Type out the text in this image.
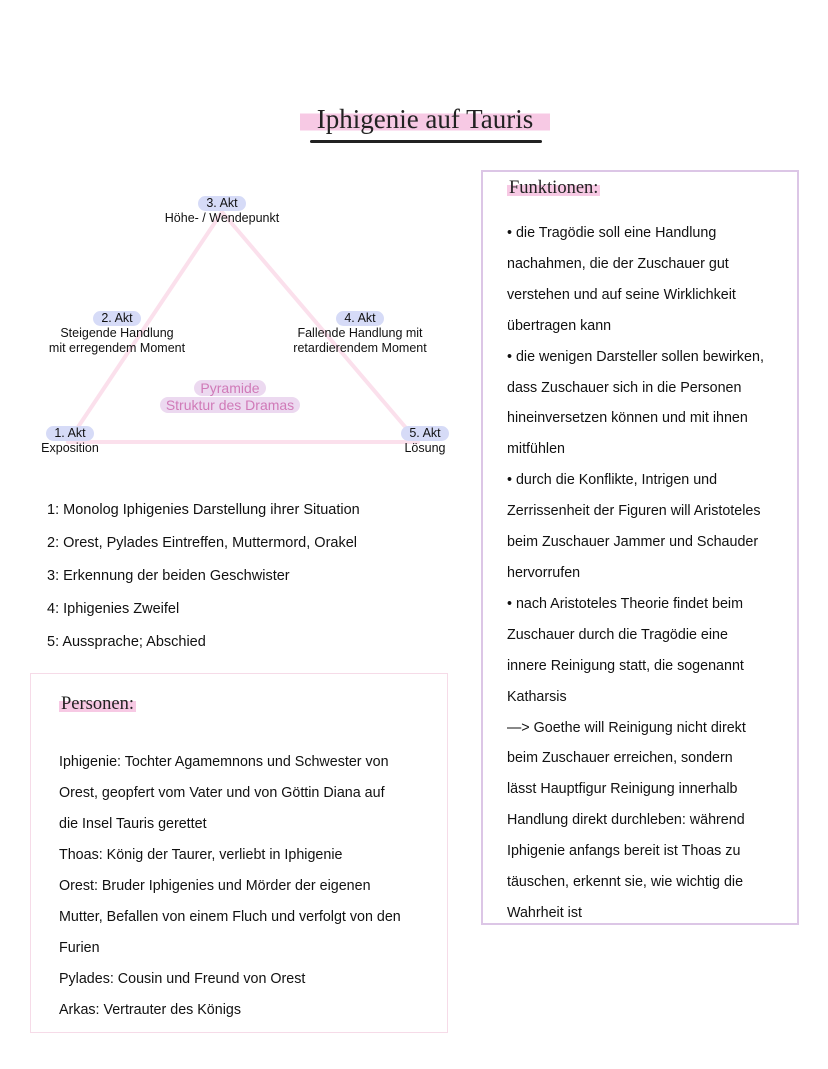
Iphigenie auf Tauris
3. Akt
Höhe- / Wendepunkt
2. Akt
Steigende Handlung
mit erregendem Moment
4. Akt
Fallende Handlung mit
retardierendem Moment
1. Akt
Exposition
5. Akt
Lösung
Pyramide
Struktur des Dramas
1: Monolog Iphigenies Darstellung ihrer Situation
2: Orest, Pylades Eintreffen, Muttermord, Orakel
3: Erkennung der beiden Geschwister
4: Iphigenies Zweifel
5: Aussprache; Abschied
Personen:

Iphigenie: Tochter Agamemnons und Schwester von

Orest, geopfert vom Vater und von Göttin Diana auf

die Insel Tauris gerettet

Thoas: König der Taurer, verliebt in Iphigenie

Orest: Bruder Iphigenies und Mörder der eigenen

Mutter, Befallen von einem Fluch und verfolgt von den

Furien

Pylades: Cousin und Freund von Orest

Arkas: Vertrauter des Königs

Funktionen:

• die Tragödie soll eine Handlung

nachahmen, die der Zuschauer gut

verstehen und auf seine Wirklichkeit

übertragen kann

• die wenigen Darsteller sollen bewirken,

dass Zuschauer sich in die Personen

hineinversetzen können und mit ihnen

mitfühlen

• durch die Konflikte, Intrigen und

Zerrissenheit der Figuren will Aristoteles

beim Zuschauer Jammer und Schauder

hervorrufen

• nach Aristoteles Theorie findet beim

Zuschauer durch die Tragödie eine

innere Reinigung statt, die sogenannt

Katharsis

—> Goethe will Reinigung nicht direkt

beim Zuschauer erreichen, sondern

lässt Hauptfigur Reinigung innerhalb

Handlung direkt durchleben: während

Iphigenie anfangs bereit ist Thoas zu

täuschen, erkennt sie, wie wichtig die

Wahrheit ist
